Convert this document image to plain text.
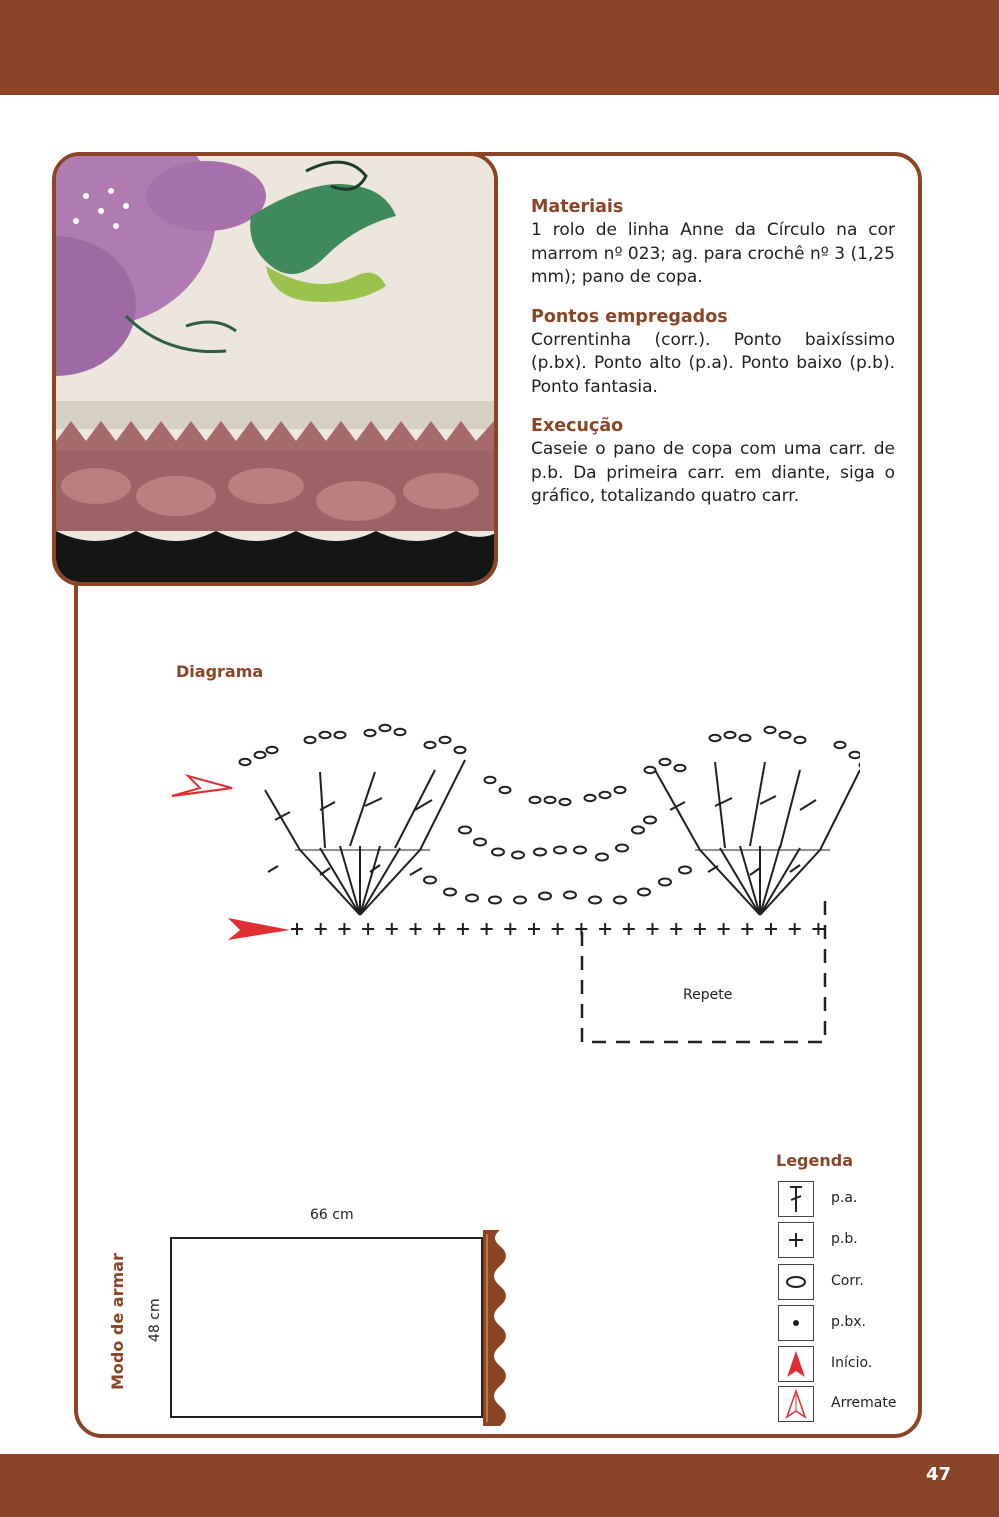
Materiais

1 rolo de linha Anne da Círculo na cor marrom nº 023; ag. para crochê nº 3 (1,25 mm); pano de copa.

Pontos empregados

Correntinha (corr.). Ponto baixíssimo (p.bx). Ponto alto (p.a). Ponto baixo (p.b). Ponto fantasia.

Execução

Caseie o pano de copa com uma carr. de p.b. Da primeira carr. em diante, siga o gráfico, totalizando quatro carr.

Diagrama
Repete
Legenda
p.a.
p.b.
Corr.
p.bx.
Início.
Arremate
Modo de armar
66 cm
48 cm
47
